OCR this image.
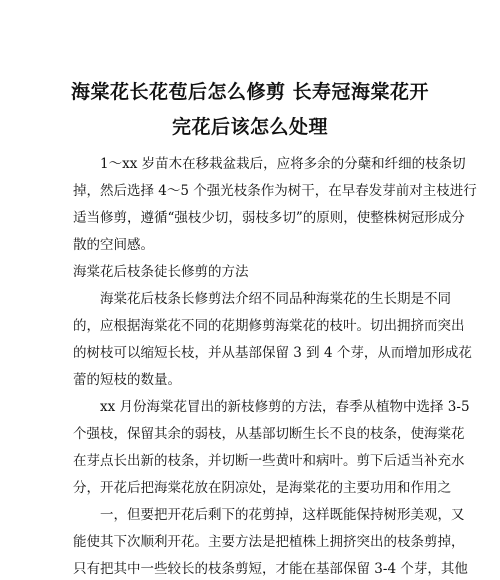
海棠花长花苞后怎么修剪 长寿冠海棠花开
完花后该怎么处理
1～xx 岁苗木在移栽盆栽后，应将多余的分蘖和纤细的枝条切
掉，然后选择 4～5 个强光枝条作为树干，在早春发芽前对主枝进行
适当修剪，遵循“强枝少切，弱枝多切”的原则，使整株树冠形成分
散的空间感。
海棠花后枝条徒长修剪的方法
海棠花后枝条长修剪法介绍不同品种海棠花的生长期是不同
的，应根据海棠花不同的花期修剪海棠花的枝叶。切出拥挤而突出
的树枝可以缩短长枝，并从基部保留 3 到 4 个芽，从而增加形成花
蕾的短枝的数量。
xx 月份海棠花冒出的新枝修剪的方法，春季从植物中选择 3-5
个强枝，保留其余的弱枝，从基部切断生长不良的枝条，使海棠花
在芽点长出新的枝条，并切断一些黄叶和病叶。剪下后适当补充水
分，开花后把海棠花放在阴凉处，是海棠花的主要功用和作用之
一，但要把开花后剩下的花剪掉，这样既能保持树形美观，又
能使其下次顺利开花。主要方法是把植株上拥挤突出的枝条剪掉，
只有把其中一些较长的枝条剪短，才能在基部保留 3-4 个芽，其他
